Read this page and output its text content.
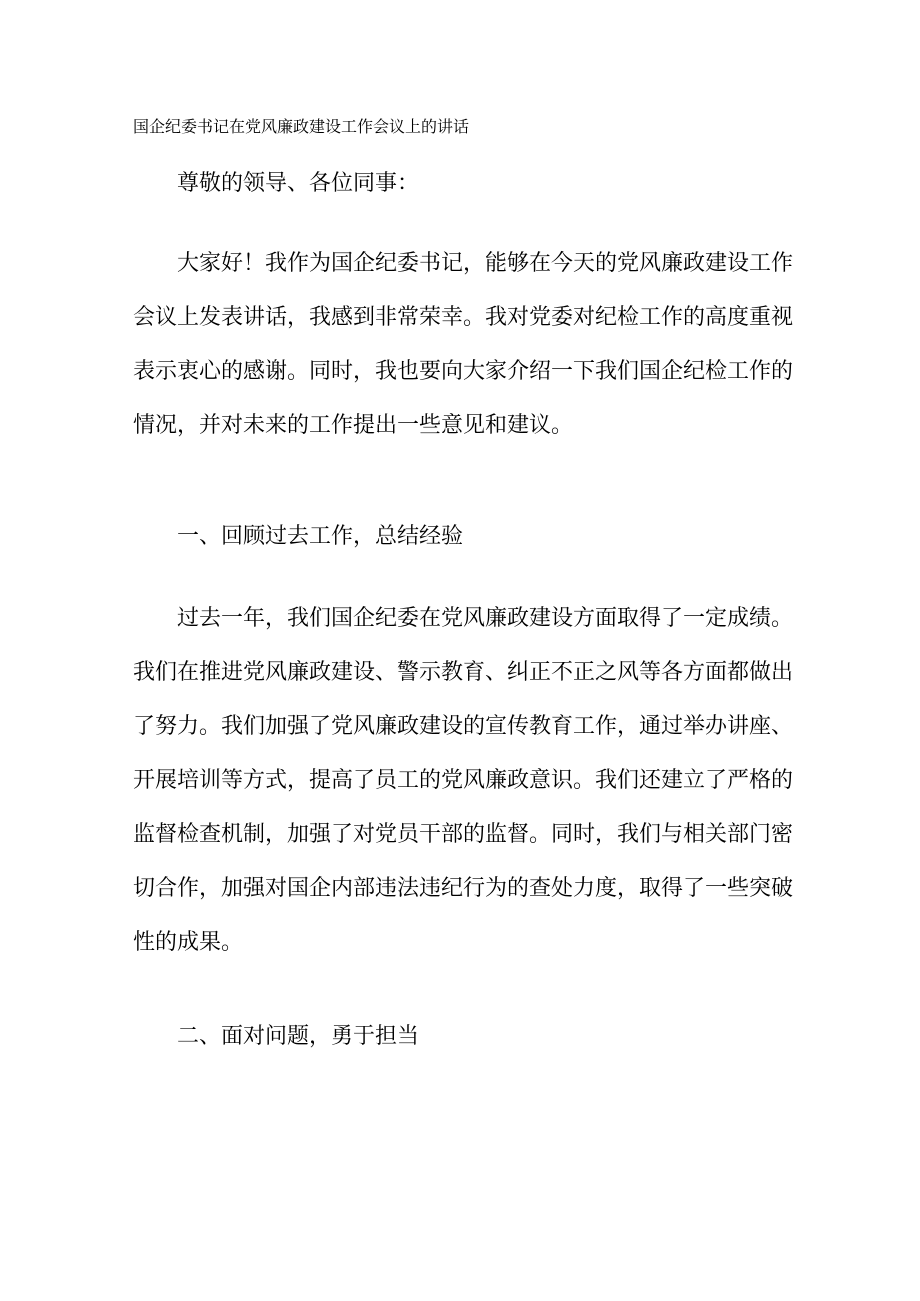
国企纪委书记在党风廉政建设工作会议上的讲话

尊敬的领导、各位同事：

大家好！我作为国企纪委书记，能够在今天的党风廉政建设工作会议上发表讲话，我感到非常荣幸。我对党委对纪检工作的高度重视表示衷心的感谢。同时，我也要向大家介绍一下我们国企纪检工作的情况，并对未来的工作提出一些意见和建议。

一、回顾过去工作，总结经验

过去一年，我们国企纪委在党风廉政建设方面取得了一定成绩。我们在推进党风廉政建设、警示教育、纠正不正之风等各方面都做出了努力。我们加强了党风廉政建设的宣传教育工作，通过举办讲座、开展培训等方式，提高了员工的党风廉政意识。我们还建立了严格的监督检查机制，加强了对党员干部的监督。同时，我们与相关部门密切合作，加强对国企内部违法违纪行为的查处力度，取得了一些突破性的成果。

二、面对问题，勇于担当
